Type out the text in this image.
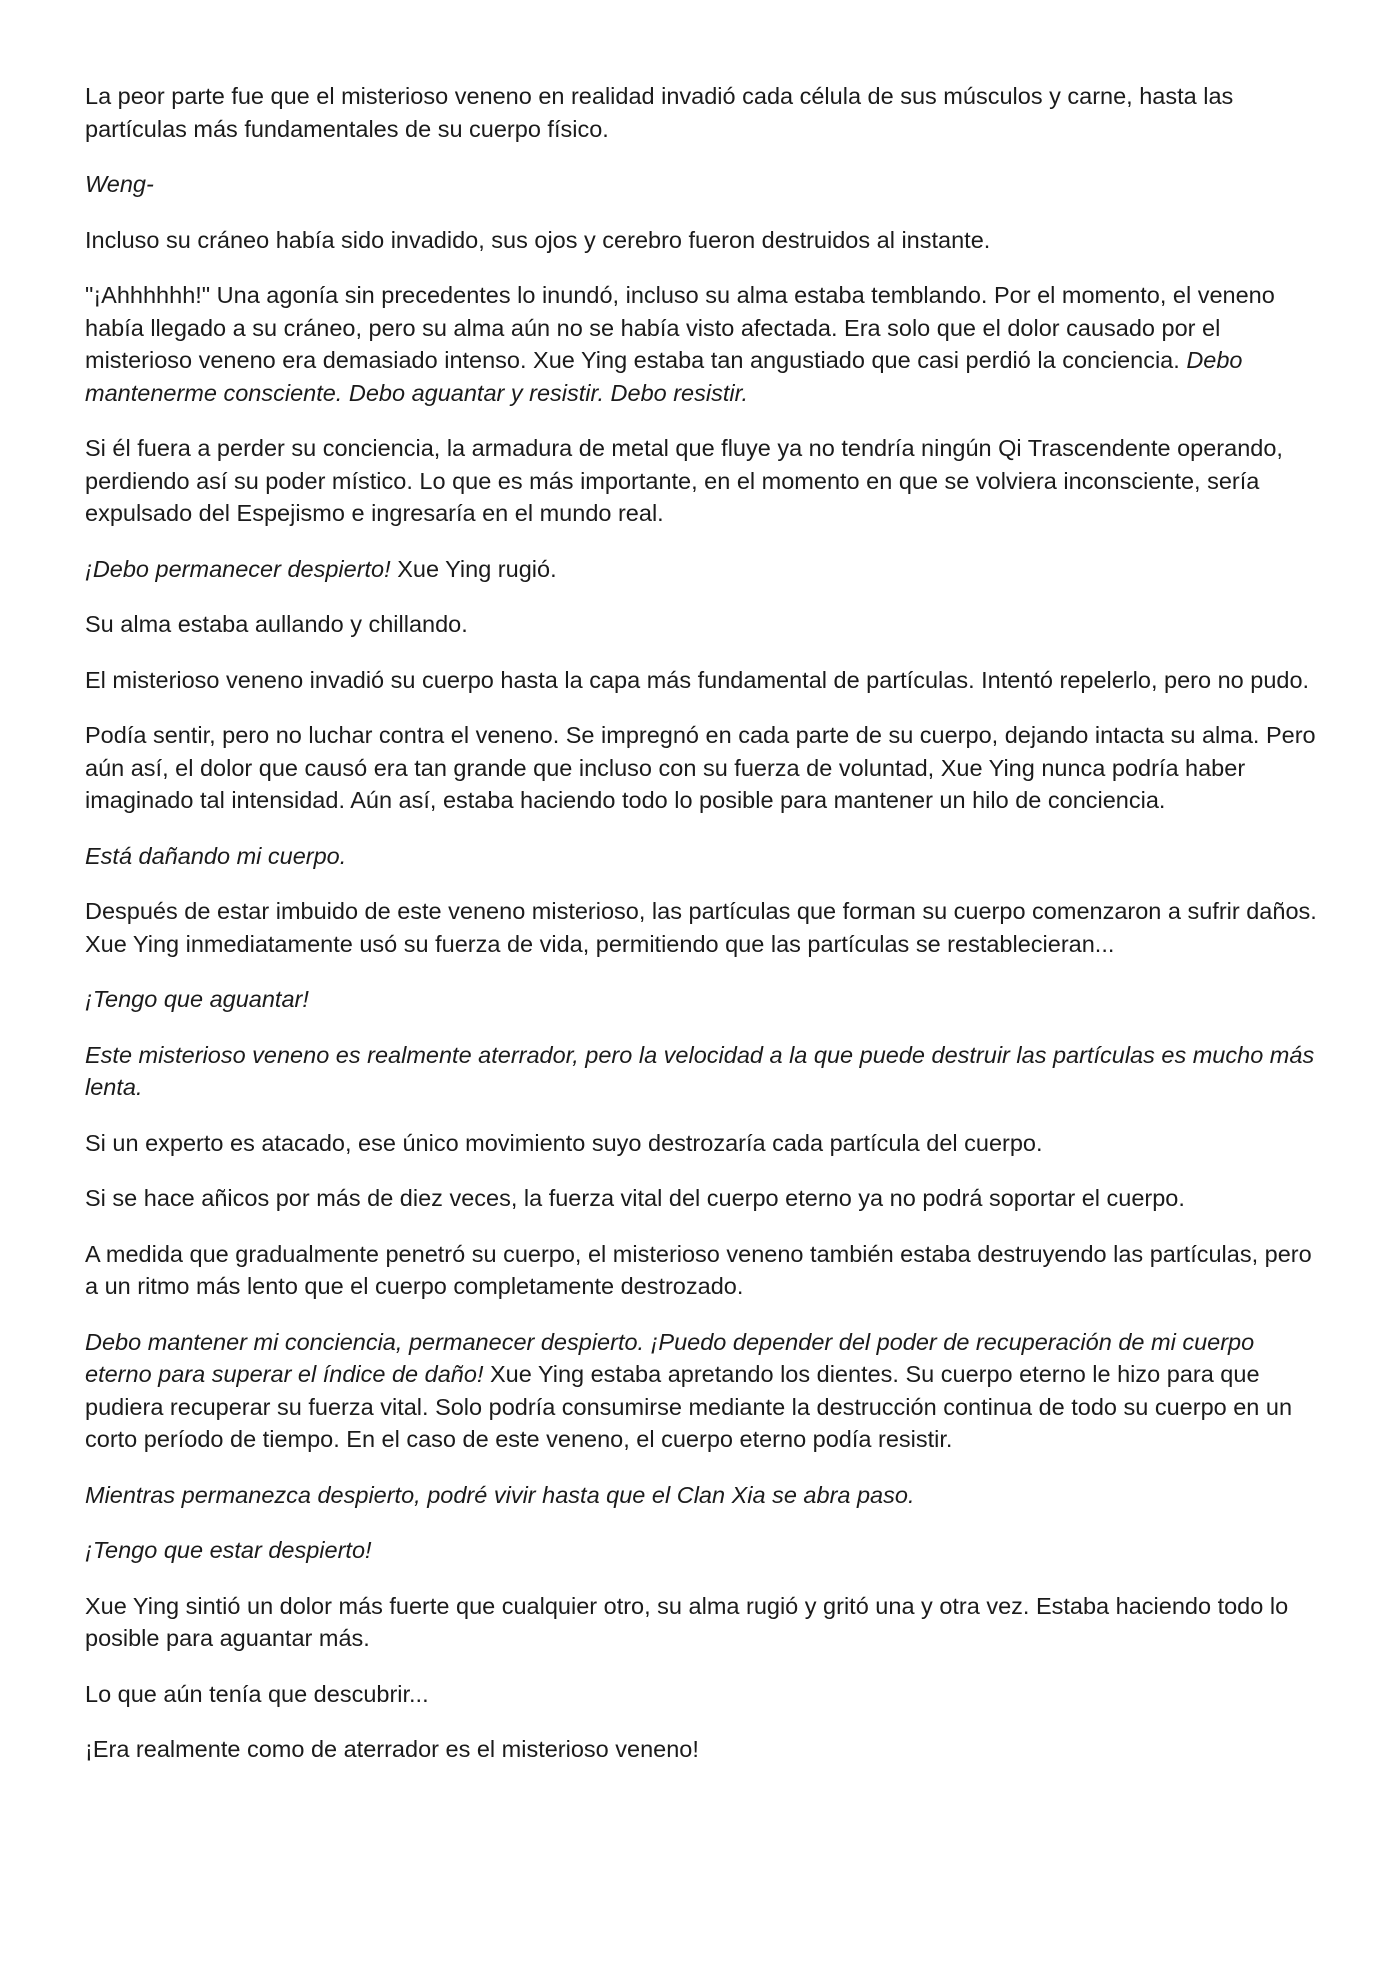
La peor parte fue que el misterioso veneno en realidad invadió cada célula de sus músculos y carne, hasta las partículas más fundamentales de su cuerpo físico.

Weng-

Incluso su cráneo había sido invadido, sus ojos y cerebro fueron destruidos al instante.

"¡Ahhhhhh!" Una agonía sin precedentes lo inundó, incluso su alma estaba temblando. Por el momento, el veneno había llegado a su cráneo, pero su alma aún no se había visto afectada. Era solo que el dolor causado por el misterioso veneno era demasiado intenso. Xue Ying estaba tan angustiado que casi perdió la conciencia. Debo mantenerme consciente. Debo aguantar y resistir. Debo resistir.

Si él fuera a perder su conciencia, la armadura de metal que fluye ya no tendría ningún Qi Trascendente operando, perdiendo así su poder místico. Lo que es más importante, en el momento en que se volviera inconsciente, sería expulsado del Espejismo e ingresaría en el mundo real.

¡Debo permanecer despierto! Xue Ying rugió.

Su alma estaba aullando y chillando.

El misterioso veneno invadió su cuerpo hasta la capa más fundamental de partículas. Intentó repelerlo, pero no pudo.

Podía sentir, pero no luchar contra el veneno. Se impregnó en cada parte de su cuerpo, dejando intacta su alma. Pero aún así, el dolor que causó era tan grande que incluso con su fuerza de voluntad, Xue Ying nunca podría haber imaginado tal intensidad. Aún así, estaba haciendo todo lo posible para mantener un hilo de conciencia.

Está dañando mi cuerpo.

Después de estar imbuido de este veneno misterioso, las partículas que forman su cuerpo comenzaron a sufrir daños. Xue Ying inmediatamente usó su fuerza de vida, permitiendo que las partículas se restablecieran...

¡Tengo que aguantar!

Este misterioso veneno es realmente aterrador, pero la velocidad a la que puede destruir las partículas es mucho más lenta.

Si un experto es atacado, ese único movimiento suyo destrozaría cada partícula del cuerpo.

Si se hace añicos por más de diez veces, la fuerza vital del cuerpo eterno ya no podrá soportar el cuerpo.

A medida que gradualmente penetró su cuerpo, el misterioso veneno también estaba destruyendo las partículas, pero a un ritmo más lento que el cuerpo completamente destrozado.

Debo mantener mi conciencia, permanecer despierto. ¡Puedo depender del poder de recuperación de mi cuerpo eterno para superar el índice de daño! Xue Ying estaba apretando los dientes. Su cuerpo eterno le hizo para que pudiera recuperar su fuerza vital. Solo podría consumirse mediante la destrucción continua de todo su cuerpo en un corto período de tiempo. En el caso de este veneno, el cuerpo eterno podía resistir.

Mientras permanezca despierto, podré vivir hasta que el Clan Xia se abra paso.

¡Tengo que estar despierto!

Xue Ying sintió un dolor más fuerte que cualquier otro, su alma rugió y gritó una y otra vez. Estaba haciendo todo lo posible para aguantar más.

Lo que aún tenía que descubrir...

¡Era realmente como de aterrador es el misterioso veneno!
